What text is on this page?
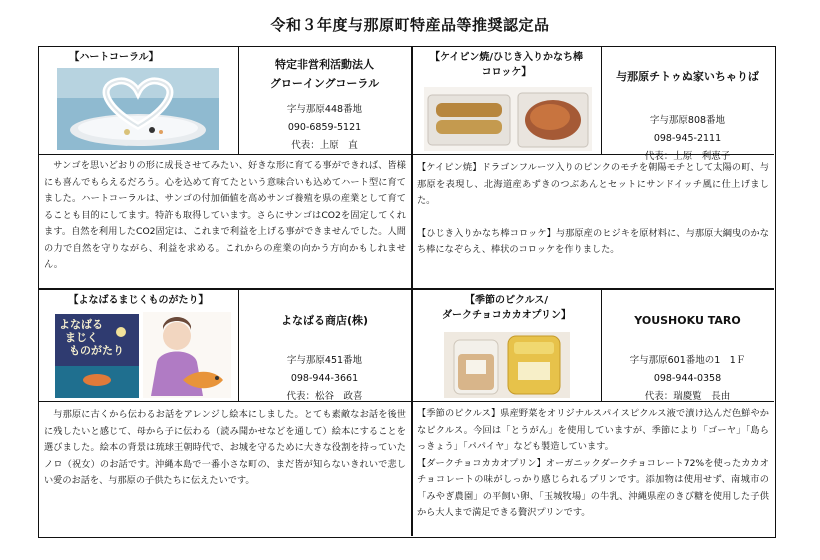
令和３年度与那原町特産品等推奨認定品
【ハートコーラル】
特定非営利活動法人
グローイングコーラル
字与那原448番地
090-6859-5121
代表：上原　直
　サンゴを思いどおりの形に成長させてみたい、好きな形に育てる事ができれば、皆様にも喜んでもらえるだろう。心を込めて育てたという意味合いも込めてハート型に育てました。ハートコーラルは、サンゴの付加価値を高めサンゴ養殖を県の産業として育てることも目的にしてます。特許も取得しています。さらにサンゴはCO2を固定してくれます。自然を利用したCO2固定は、これまで利益を上げる事ができませんでした。人間の力で自然を守りながら、利益を求める。これからの産業の向かう方向かもしれません。
【ケイピン焼/ひじき入りかなち棒
コロッケ】	与那原チトゥぬ家いちゃりば
字与那原808番地
098-945-2111
代表：上原　利恵子
【ケイピン焼】ドラゴンフルーツ入りのピンクのモチを朝陽モチとして太陽の町、与那原を表現し、北海道産あずきのつぶあんとセットにサンドイッチ風に仕上げました。
【ひじき入りかなち棒コロッケ】与那原産のヒジキを原材料に、与那原大綱曳のかなち棒になぞらえ、棒状のコロッケを作りました。
【よなばるまじくものがたり】
よなばる
まじく
ものがたり
よなばる商店(株)
字与那原451番地
098-944-3661
代表：松谷　政喜
　与那原に古くから伝わるお話をアレンジし絵本にしました。とても素敵なお話を後世に残したいと感じて、母から子に伝わる（読み聞かせなどを通して）絵本にすることを選びました。絵本の背景は琉球王朝時代で、お城を守るために大きな役割を持っていたノロ（祝女）のお話です。沖縄本島で一番小さな町の、まだ皆が知らないきれいで悲しい愛のお話を、与那原の子供たちに伝えたいです。
【季節のピクルス/
ダークチョコカカオプリン】	YOUSHOKU TARO
字与那原601番地の1　1Ｆ
098-944-0358
代表：瑞慶覧　長由
【季節のピクルス】県産野菜をオリジナルスパイスピクルス液で漬け込んだ色鮮やかなピクルス。今回は「とうがん」を使用していますが、季節により「ゴーヤ」「島らっきょう」「パパイヤ」なども製造しています。
【ダークチョコカカオプリン】オーガニックダークチョコレート72%を使ったカカオチョコレートの味がしっかり感じられるプリンです。添加物は使用せず、南城市の「みやぎ農園」の平飼い卵、「玉城牧場」の牛乳、沖縄県産のきび糖を使用した子供から大人まで満足できる贅沢プリンです。
